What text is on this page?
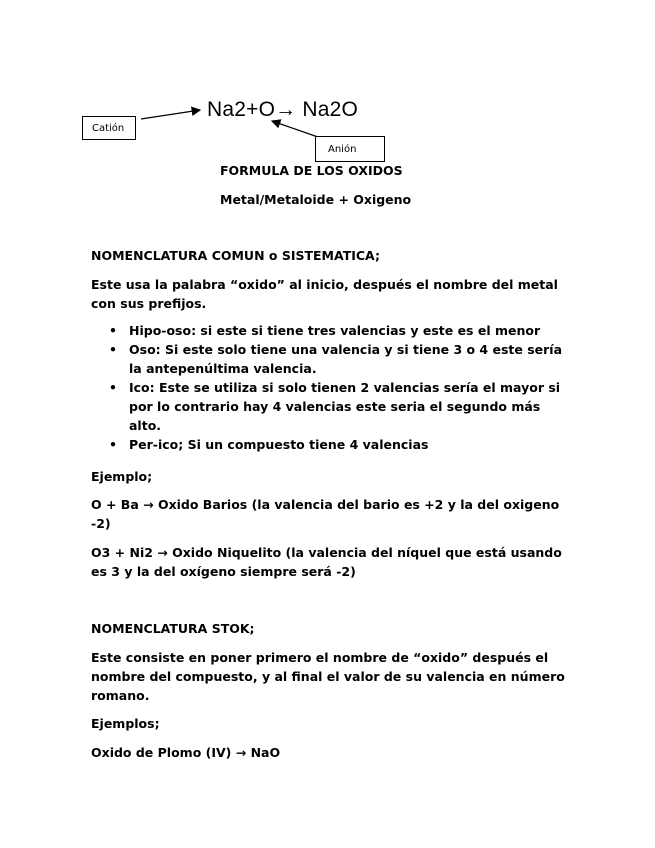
Na2+O→ Na2O
Catión
Anión
FORMULA DE LOS OXIDOS
Metal/Metaloide + Oxigeno
NOMENCLATURA COMUN o SISTEMATICA;
Este usa la palabra “oxido” al inicio, después el nombre del metal
con sus prefijos.
• Hipo-oso: si este si tiene tres valencias y este es el menor
• Oso: Si este solo tiene una valencia y si tiene 3 o 4 este sería
la antepenúltima valencia.
• Ico: Este se utiliza si solo tienen 2 valencias sería el mayor si
por lo contrario hay 4 valencias este seria el segundo más
alto.
• Per-ico; Si un compuesto tiene 4 valencias
Ejemplo;
O + Ba → Oxido Barios (la valencia del bario es +2 y la del oxigeno
-2)
O3 + Ni2 → Oxido Niquelito (la valencia del níquel que está usando
es 3 y la del oxígeno siempre será -2)
NOMENCLATURA STOK;
Este consiste en poner primero el nombre de “oxido” después el
nombre del compuesto, y al final el valor de su valencia en número
romano.
Ejemplos;
Oxido de Plomo (IV) → NaO
